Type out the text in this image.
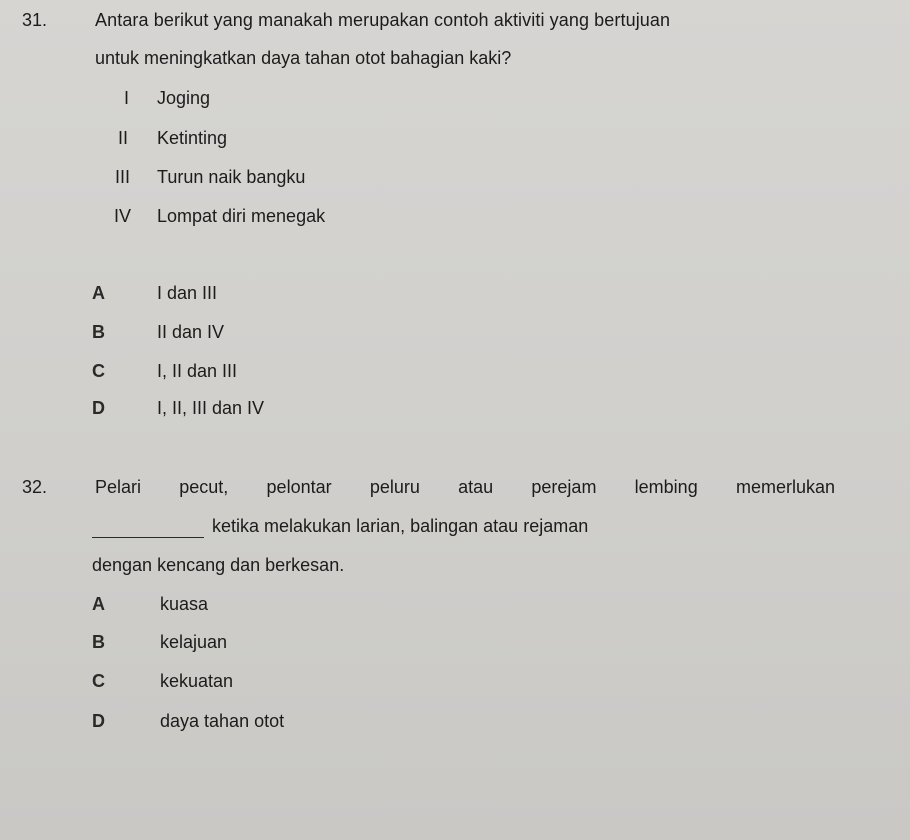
31.	Antara berikut yang manakah merupakan contoh aktiviti yang bertujuan
untuk meningkatkan daya tahan otot bahagian kaki?
I Joging
II Ketinting
III Turun naik bangku
IV Lompat diri menegak
A	I dan III
B	II dan IV
C	I, II dan III
D	I, II, III dan IV
32.	Pelari pecut, pelontar peluru atau perejam lembing memerlukan
ketika melakukan larian, balingan atau rejaman
dengan kencang dan berkesan.
A	kuasa
B	kelajuan
C	kekuatan
D	daya tahan otot
